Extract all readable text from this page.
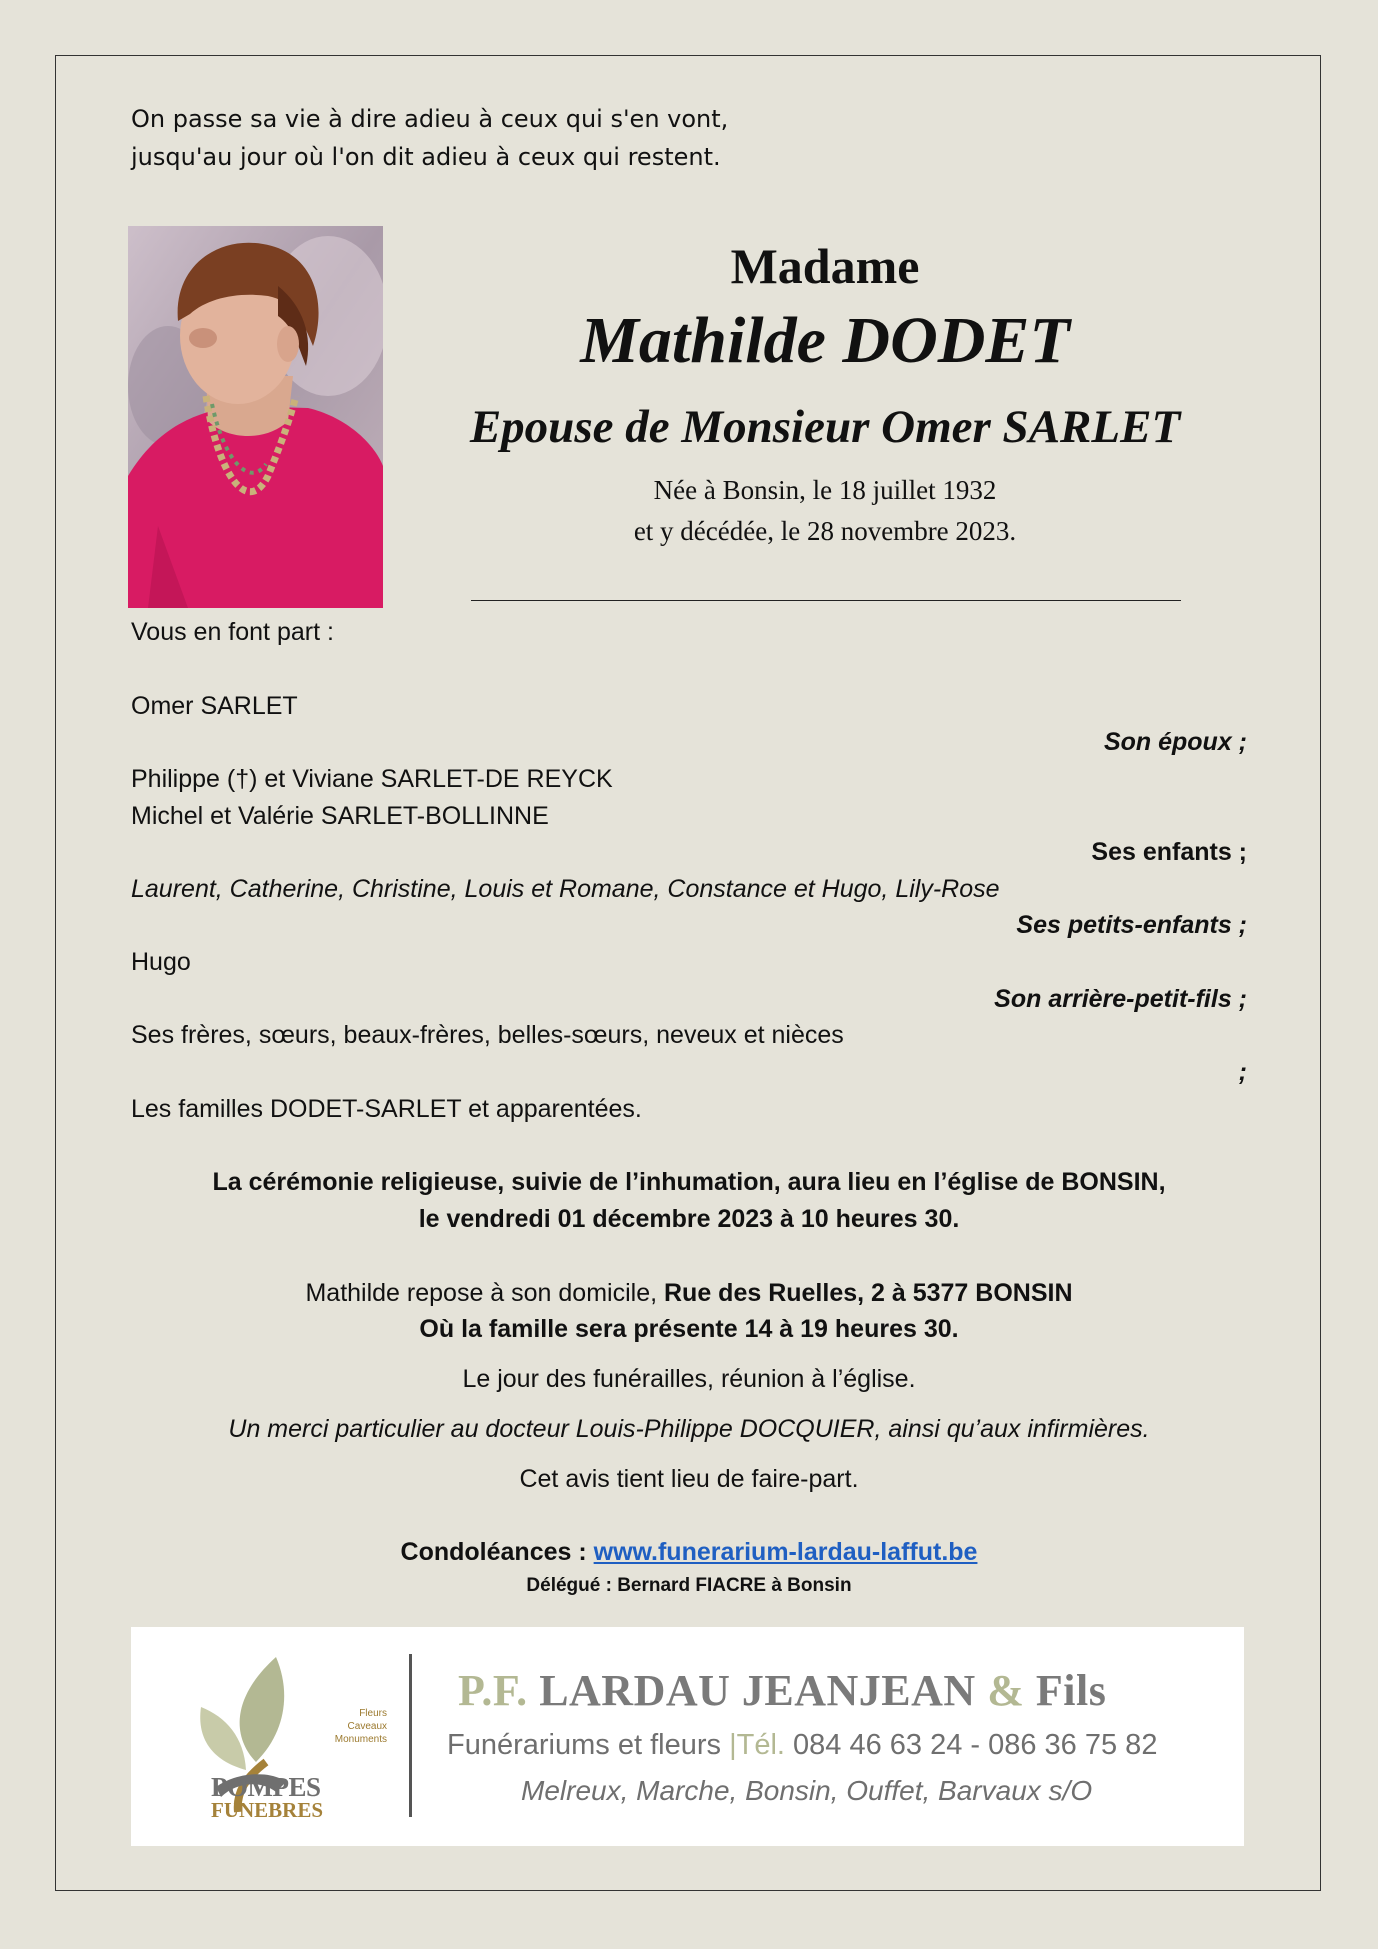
On passe sa vie à dire adieu à ceux qui s'en vont,
jusqu'au jour où l'on dit adieu à ceux qui restent.
Madame
Mathilde DODET
Epouse de Monsieur Omer SARLET
Née à Bonsin, le 18 juillet 1932
et y décédée, le 28 novembre 2023.
Vous en font part :
Omer SARLET
Son époux ;
Philippe (†) et Viviane SARLET-DE REYCK
Michel et Valérie SARLET-BOLLINNE
Ses enfants ;
Laurent, Catherine, Christine, Louis et Romane, Constance et Hugo, Lily-Rose
Ses petits-enfants ;
Hugo
Son arrière-petit-fils ;
Ses frères, sœurs, beaux-frères, belles-sœurs, neveux et nièces
;
Les familles DODET-SARLET et apparentées.
La cérémonie religieuse, suivie de l’inhumation, aura lieu en l’église de BONSIN,
le vendredi 01 décembre 2023 à 10 heures 30.
Mathilde repose à son domicile, Rue des Ruelles, 2 à 5377 BONSIN
Où la famille sera présente 14 à 19 heures 30.
Le jour des funérailles, réunion à l’église.
Un merci particulier au docteur Louis-Philippe DOCQUIER, ainsi qu’aux infirmières.
Cet avis tient lieu de faire-part.
Condoléances : www.funerarium-lardau-laffut.be
Délégué : Bernard FIACRE à Bonsin
Fleurs
Caveaux
Monuments
POMPES
FUNEBRES
P.F. LARDAU JEANJEAN & Fils
Funérariums et fleurs |Tél. 084 46 63 24 - 086 36 75 82
Melreux, Marche, Bonsin, Ouffet, Barvaux s/O
